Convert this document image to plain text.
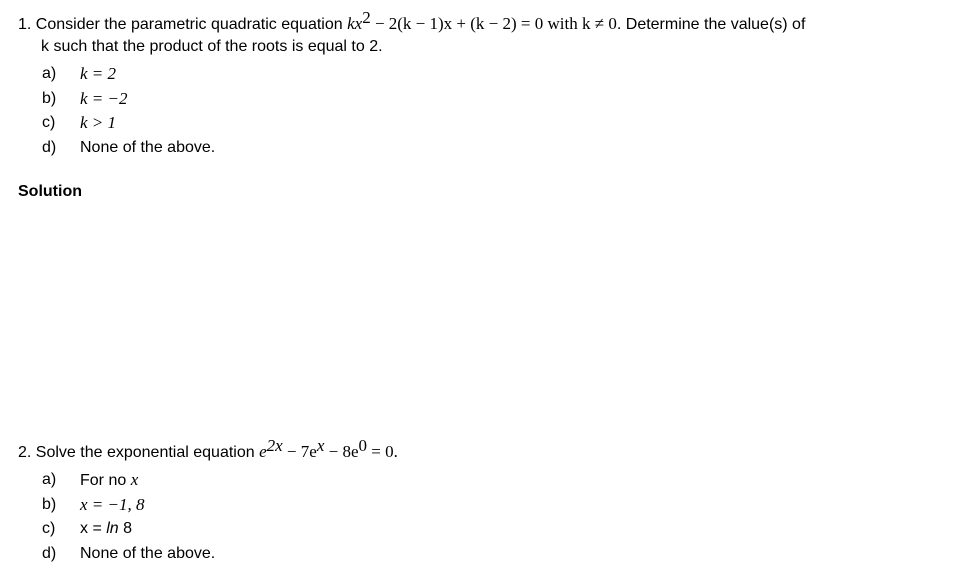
1. Consider the parametric quadratic equation $kx^2 - 2(k - 1)x + (k - 2) = 0$ with k ≠ 0. Determine the value(s) of
k such that the product of the roots is equal to 2.
a) k = 2
b) k = −2
c) k > 1
d) None of the above.
Solution
2. Solve the exponential equation $e^{2x} - 7e^x - 8e^0 = 0$.
a) For no x
b) x = −1, 8
c) x = ln 8
d) None of the above.
